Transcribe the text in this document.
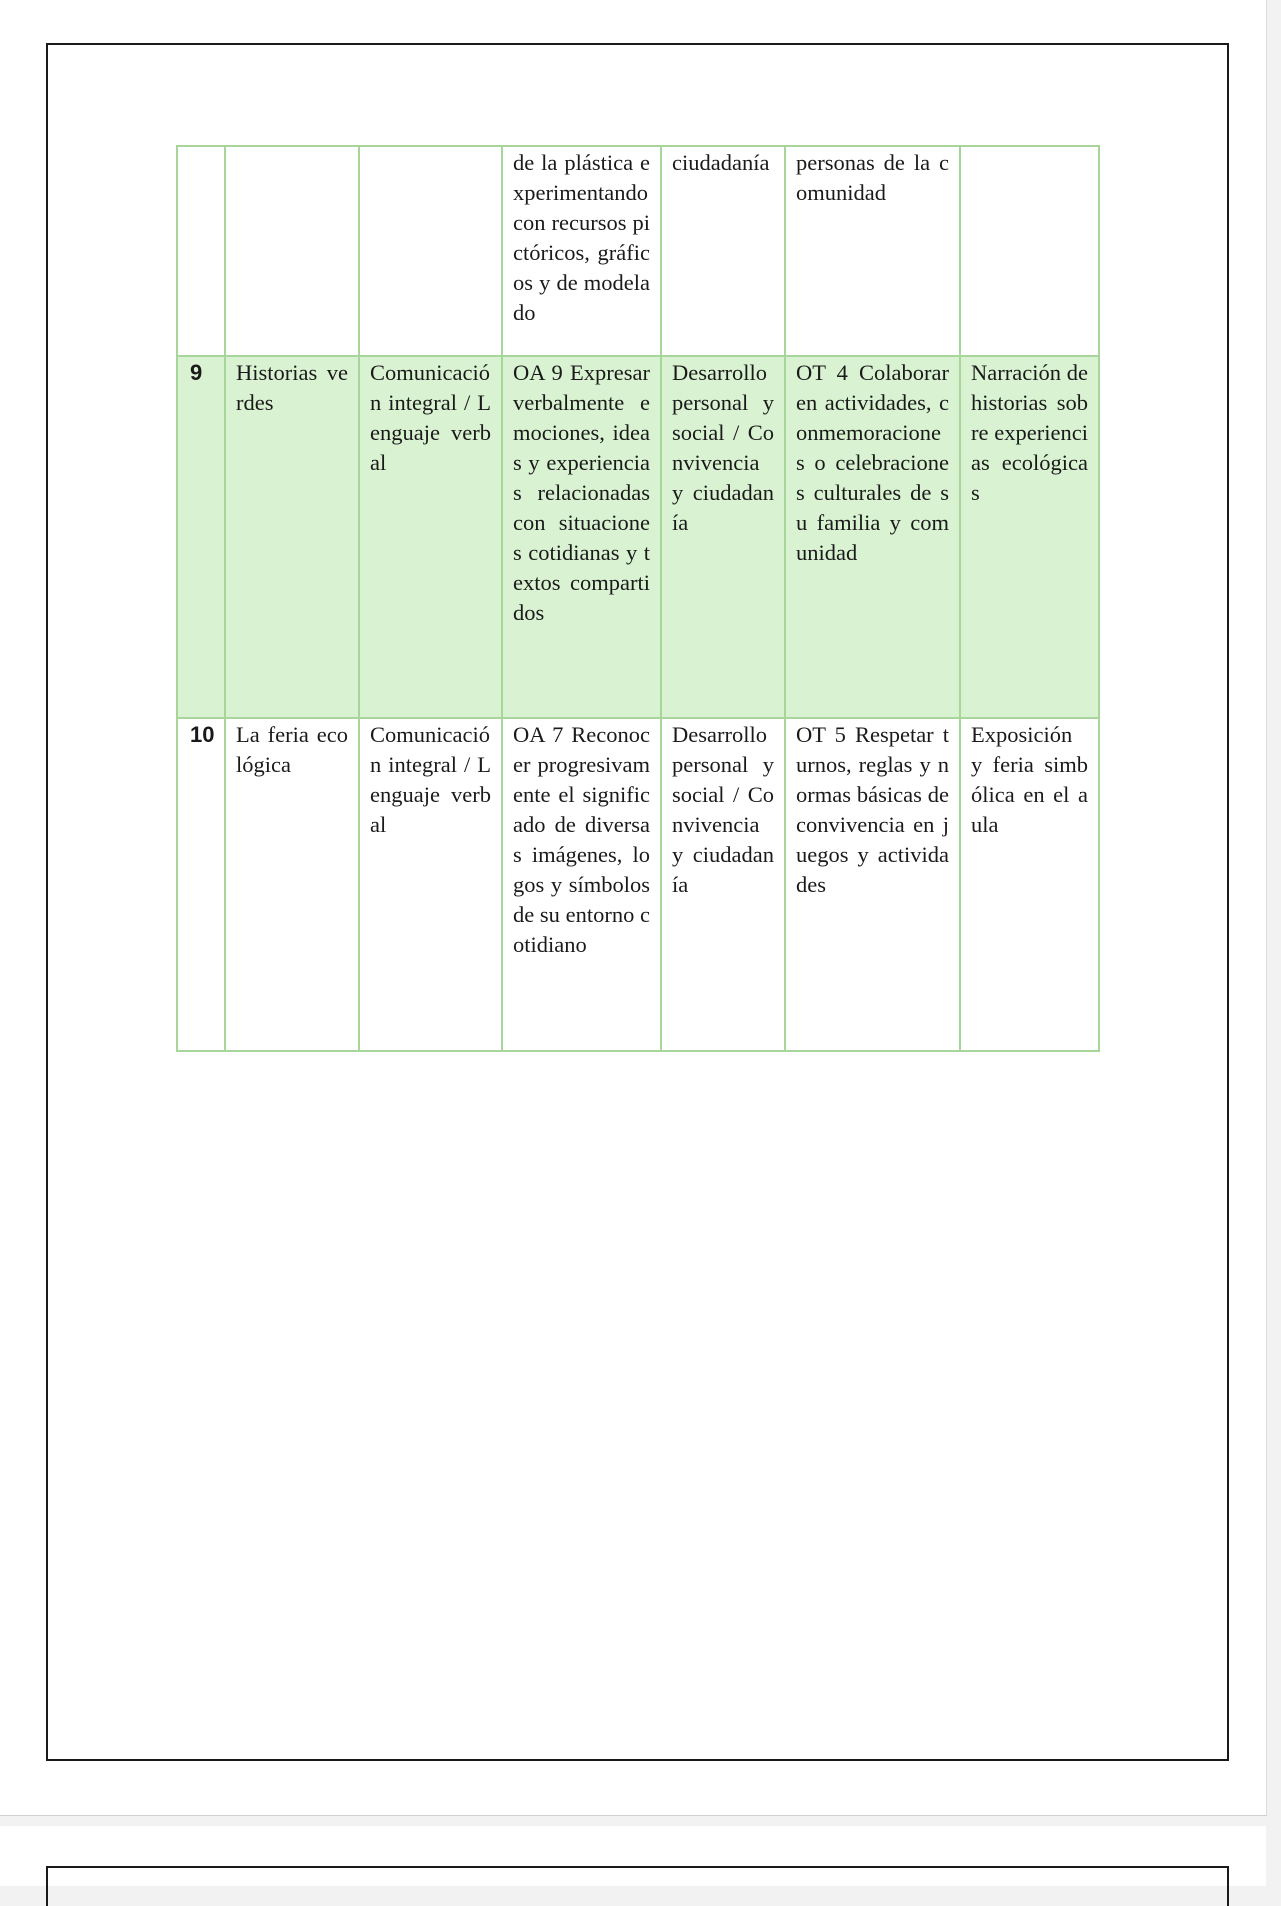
			de la plástica experimentando con recursos pictóricos, gráficos y de modelado	ciudadanía	personas de la comunidad	
9	Historias verdes	Comunicación integral / Lenguaje verbal	OA 9 Expresar verbalmente emociones, ideas y experiencias relacionadas con situaciones cotidianas y textos compartidos	Desarrollo personal y social / Convivencia y ciudadanía	OT 4 Colaborar en actividades, conmemoraciones o celebraciones culturales de su familia y comunidad	Narración de historias sobre experiencias ecológicas
10	La feria ecológica	Comunicación integral / Lenguaje verbal	OA 7 Reconocer progresivamente el significado de diversas imágenes, logos y símbolos de su entorno cotidiano	Desarrollo personal y social / Convivencia y ciudadanía	OT 5 Respetar turnos, reglas y normas básicas de convivencia en juegos y actividades	Exposición y feria simbólica en el aula
